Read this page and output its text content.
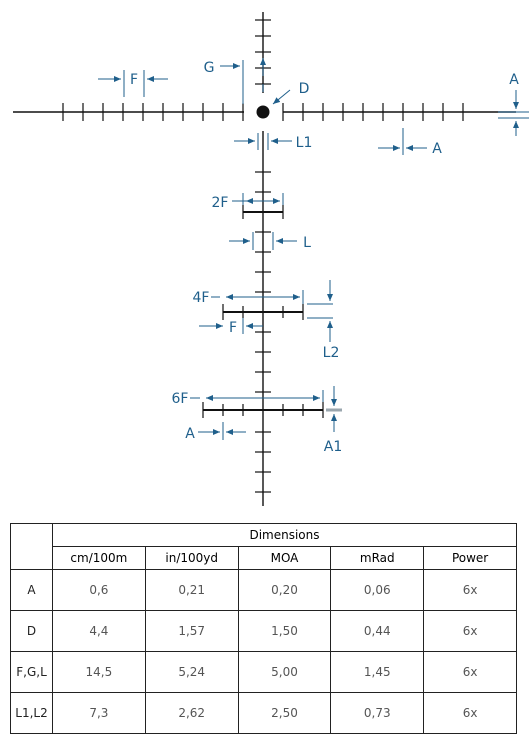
F
G
D
A
A
L1
2F
L
4F
F
L2
6F
A
A1
	Dimensions				
	cm/100m	in/100yd	MOA	mRad	Power
A	0,6	0,21	0,20	0,06	6x
D	4,4	1,57	1,50	0,44	6x
F,G,L	14,5	5,24	5,00	1,45	6x
L1,L2	7,3	2,62	2,50	0,73	6x
